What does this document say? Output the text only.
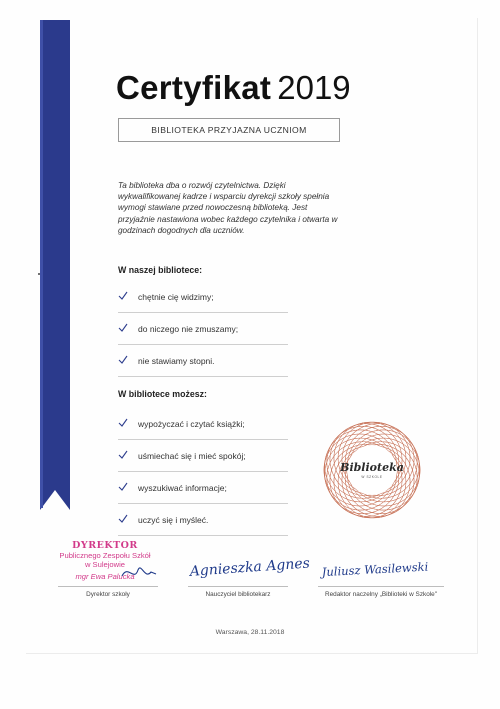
Certyfikat 2019
BIBLIOTEKA PRZYJAZNA UCZNIOM

Ta biblioteka dba o rozwój czytelnictwa. Dzięki wykwalifikowanej kadrze i wsparciu dyrekcji szkoły spełnia wymogi stawiane przed nowoczesną biblioteką. Jest przyjaźnie nastawiona wobec każdego czytelnika i otwarta w godzinach dogodnych dla uczniów.

W naszej bibliotece:
chętnie cię widzimy;
do niczego nie zmuszamy;
nie stawiamy stopni.
W bibliotece możesz:
wypożyczać i czytać książki;
uśmiechać się i mieć spokój;
wyszukiwać informacje;
uczyć się i myśleć.
Biblioteka
W SZKOLE
DYREKTOR
Publicznego Zespołu Szkół
w Sulejowie
mgr Ewa Palucka
Dyrektor szkoły
Agnieszka Agnes
Nauczyciel bibliotekarz
Juliusz Wasilewski
Redaktor naczelny „Biblioteki w Szkole"
Warszawa, 28.11.2018
